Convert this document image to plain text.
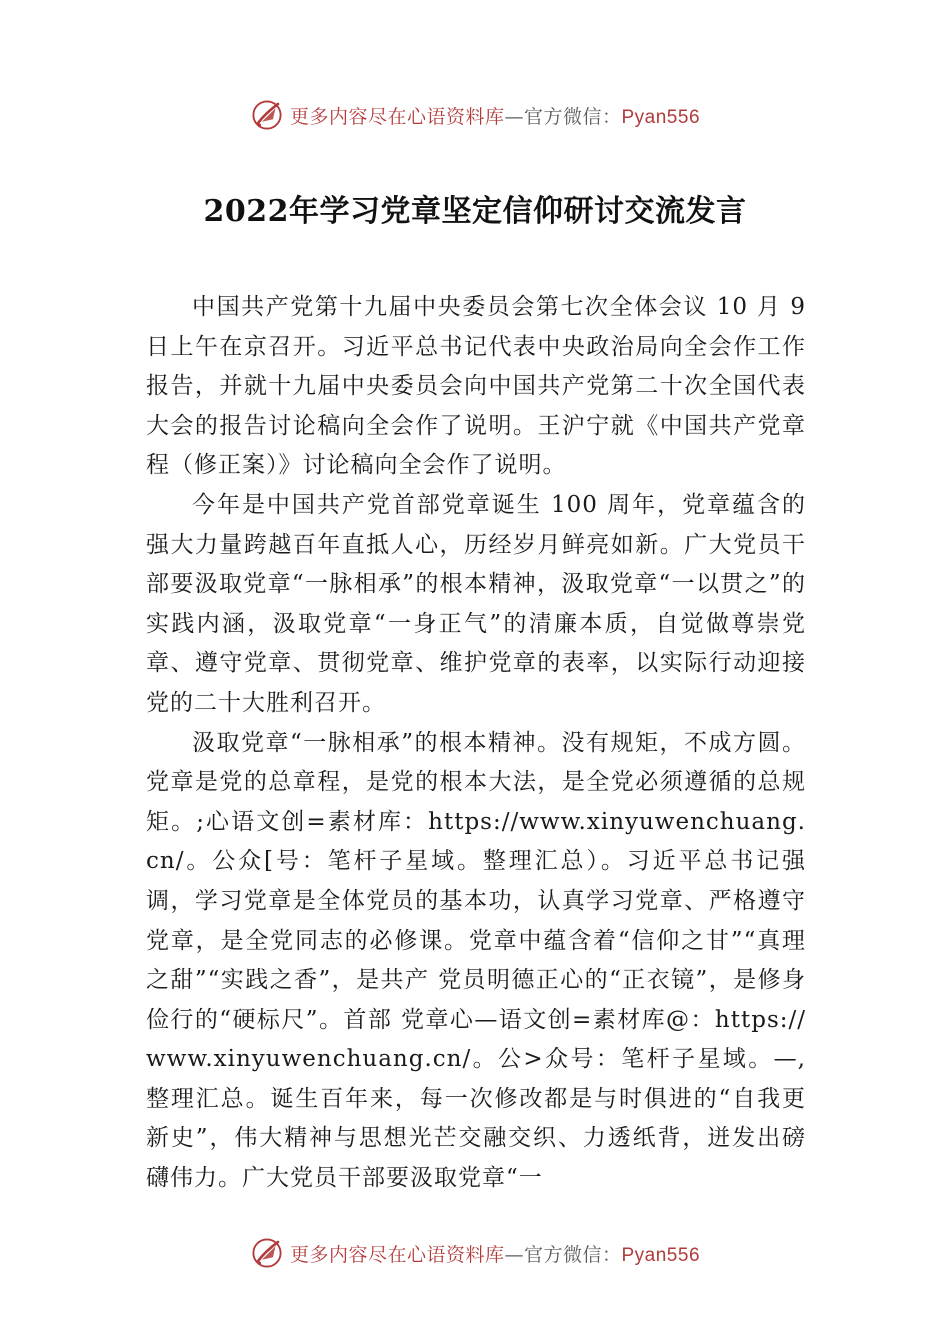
更多内容尽在心语资料库—官方微信：Pyan556
2022年学习党章坚定信仰研讨交流发言

中国共产党第十九届中央委员会第七次全体会议 10 月 9 日上午在京召开。习近平总书记代表中央政治局向全会作工作报告，并就十九届中央委员会向中国共产党第二十次全国代表大会的报告讨论稿向全会作了说明。王沪宁就《中国共产党章程（修正案）》讨论稿向全会作了说明。

今年是中国共产党首部党章诞生 100 周年，党章蕴含的强大力量跨越百年直抵人心，历经岁月鲜亮如新。广大党员干部要汲取党章“一脉相承”的根本精神，汲取党章“一以贯之”的实践内涵，汲取党章“一身正气”的清廉本质，自觉做尊崇党章、遵守党章、贯彻党章、维护党章的表率，以实际行动迎接党的二十大胜利召开。

汲取党章“一脉相承”的根本精神。没有规矩，不成方圆。党章是党的总章程，是党的根本大法，是全党必须遵循的总规矩。;心语文创=素材库：https://www.xinyuwenchuang.cn/。公众[号：笔杆子星域。整理汇总）。习近平总书记强调，学习党章是全体党员的基本功，认真学习党章、严格遵守党章，是全党同志的必修课。党章中蕴含着“信仰之甘”“真理之甜”“实践之香”，是共产 党员明德正心的“正衣镜”，是修身俭行的“硬标尺”。首部 党章心—语文创=素材库@：https://www.xinyuwenchuang.cn/。公>众号：笔杆子星域。—,整理汇总。诞生百年来，每一次修改都是与时俱进的“自我更新史”，伟大精神与思想光芒交融交织、力透纸背，迸发出磅礴伟力。广大党员干部要汲取党章“一

更多内容尽在心语资料库—官方微信：Pyan556
